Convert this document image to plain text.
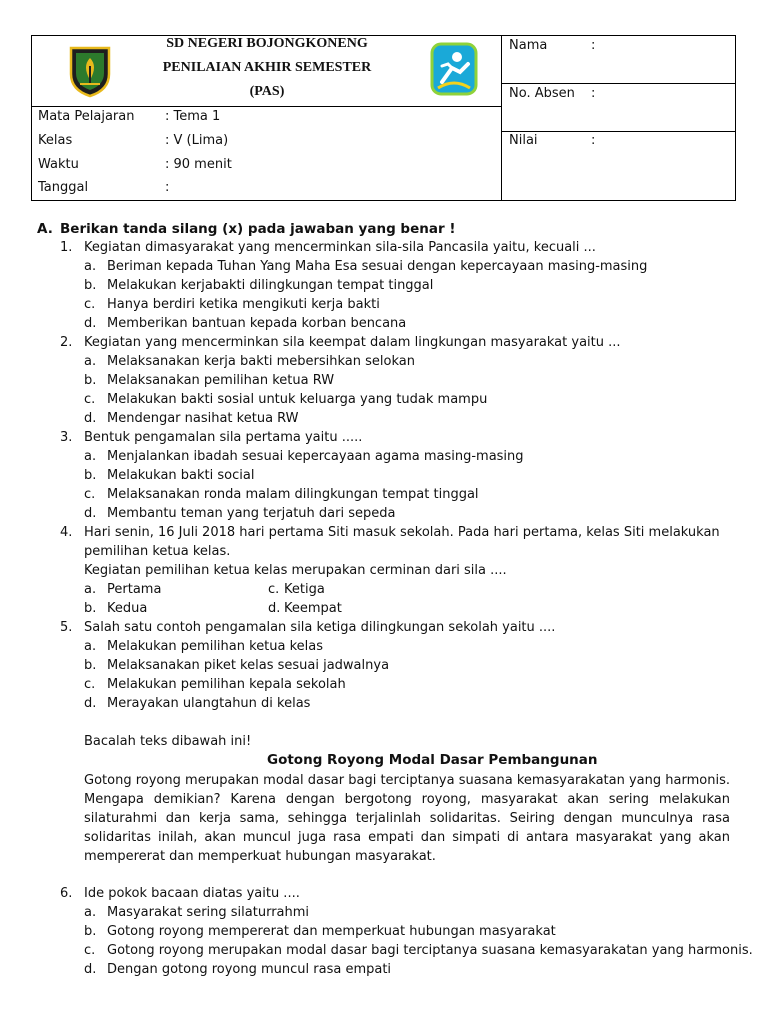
SD NEGERI BOJONGKONENG
PENILAIAN AKHIR SEMESTER
(PAS)
Mata Pelajaran : Tema 1
Kelas	: V (Lima)
Waktu	: 90 menit
Tanggal	:
Nama	:
No. Absen :
Nilai	:
A. Berikan tanda silang (x) pada jawaban yang benar !
1. Kegiatan dimasyarakat yang mencerminkan sila-sila Pancasila yaitu, kecuali ...
a. Beriman kepada Tuhan Yang Maha Esa sesuai dengan kepercayaan masing-masing
b. Melakukan kerjabakti dilingkungan tempat tinggal
c. Hanya berdiri ketika mengikuti kerja bakti
d. Memberikan bantuan kepada korban bencana
2. Kegiatan yang mencerminkan sila keempat dalam lingkungan masyarakat yaitu ...
a. Melaksanakan kerja bakti mebersihkan selokan
b. Melaksanakan pemilihan ketua RW
c. Melakukan bakti sosial untuk keluarga yang tudak mampu
d. Mendengar nasihat ketua RW
3. Bentuk pengamalan sila pertama yaitu .....
a. Menjalankan ibadah sesuai kepercayaan agama masing-masing
b. Melakukan bakti social
c. Melaksanakan ronda malam dilingkungan tempat tinggal
d. Membantu teman yang terjatuh dari sepeda
4. Hari senin, 16 Juli 2018 hari pertama Siti masuk sekolah. Pada hari pertama, kelas Siti melakukan
pemilihan ketua kelas.
Kegiatan pemilihan ketua kelas merupakan cerminan dari sila ....
a. Pertama	c. Ketiga
b. Kedua	d. Keempat
5. Salah satu contoh pengamalan sila ketiga dilingkungan sekolah yaitu ....
a. Melakukan pemilihan ketua kelas
b. Melaksanakan piket kelas sesuai jadwalnya
c. Melakukan pemilihan kepala sekolah
d. Merayakan ulangtahun di kelas
Bacalah teks dibawah ini!
Gotong Royong Modal Dasar Pembangunan
Gotong royong merupakan modal dasar bagi terciptanya suasana kemasyarakatan yang harmonis. Mengapa demikian? Karena dengan bergotong royong, masyarakat akan sering melakukan silaturahmi dan kerja sama, sehingga terjalinlah solidaritas. Seiring dengan munculnya rasa solidaritas inilah, akan muncul juga rasa empati dan simpati di antara masyarakat yang akan mempererat dan memperkuat hubungan masyarakat.
6. Ide pokok bacaan diatas yaitu ....
a. Masyarakat sering silaturrahmi
b. Gotong royong mempererat dan memperkuat hubungan masyarakat
c. Gotong royong merupakan modal dasar bagi terciptanya suasana kemasyarakatan yang harmonis.
d. Dengan gotong royong muncul rasa empati
